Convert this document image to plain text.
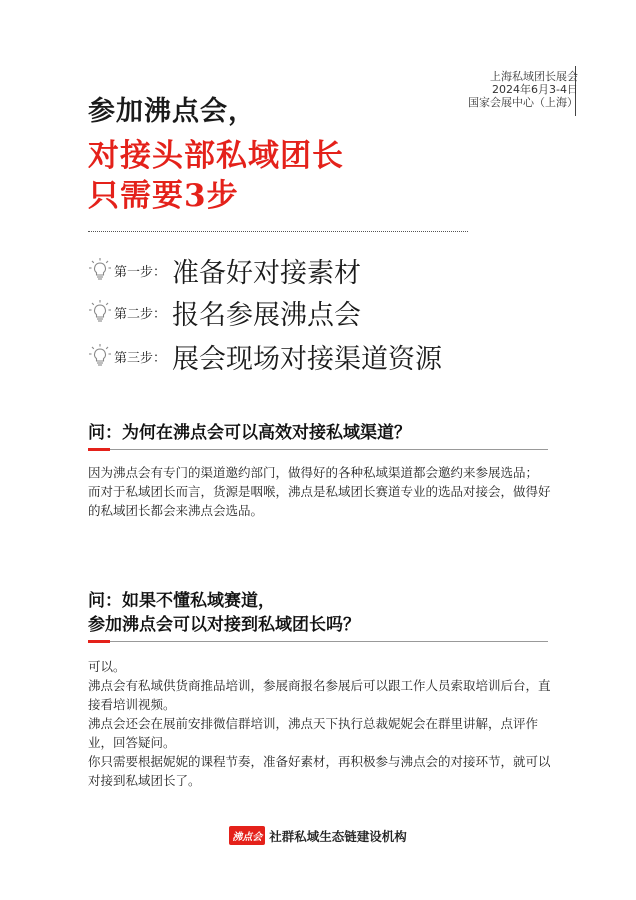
上海私域团长展会
2024年6月3-4日
国家会展中心（上海）
参加沸点会，
对接头部私域团长
只需要3步
第一步： 准备好对接素材
第二步： 报名参展沸点会
第三步： 展会现场对接渠道资源
问：为何在沸点会可以高效对接私域渠道？

因为沸点会有专门的渠道邀约部门，做得好的各种私域渠道都会邀约来参展选品；

而对于私域团长而言，货源是咽喉，沸点是私域团长赛道专业的选品对接会，做得好的私域团长都会来沸点会选品。

问：如果不懂私域赛道，
参加沸点会可以对接到私域团长吗？

可以。

沸点会有私域供货商推品培训，参展商报名参展后可以跟工作人员索取培训后台，直接看培训视频。

沸点会还会在展前安排微信群培训，沸点天下执行总裁妮妮会在群里讲解，点评作业，回答疑问。

你只需要根据妮妮的课程节奏，准备好素材，再积极参与沸点会的对接环节，就可以对接到私域团长了。

沸点会 社群私域生态链建设机构
